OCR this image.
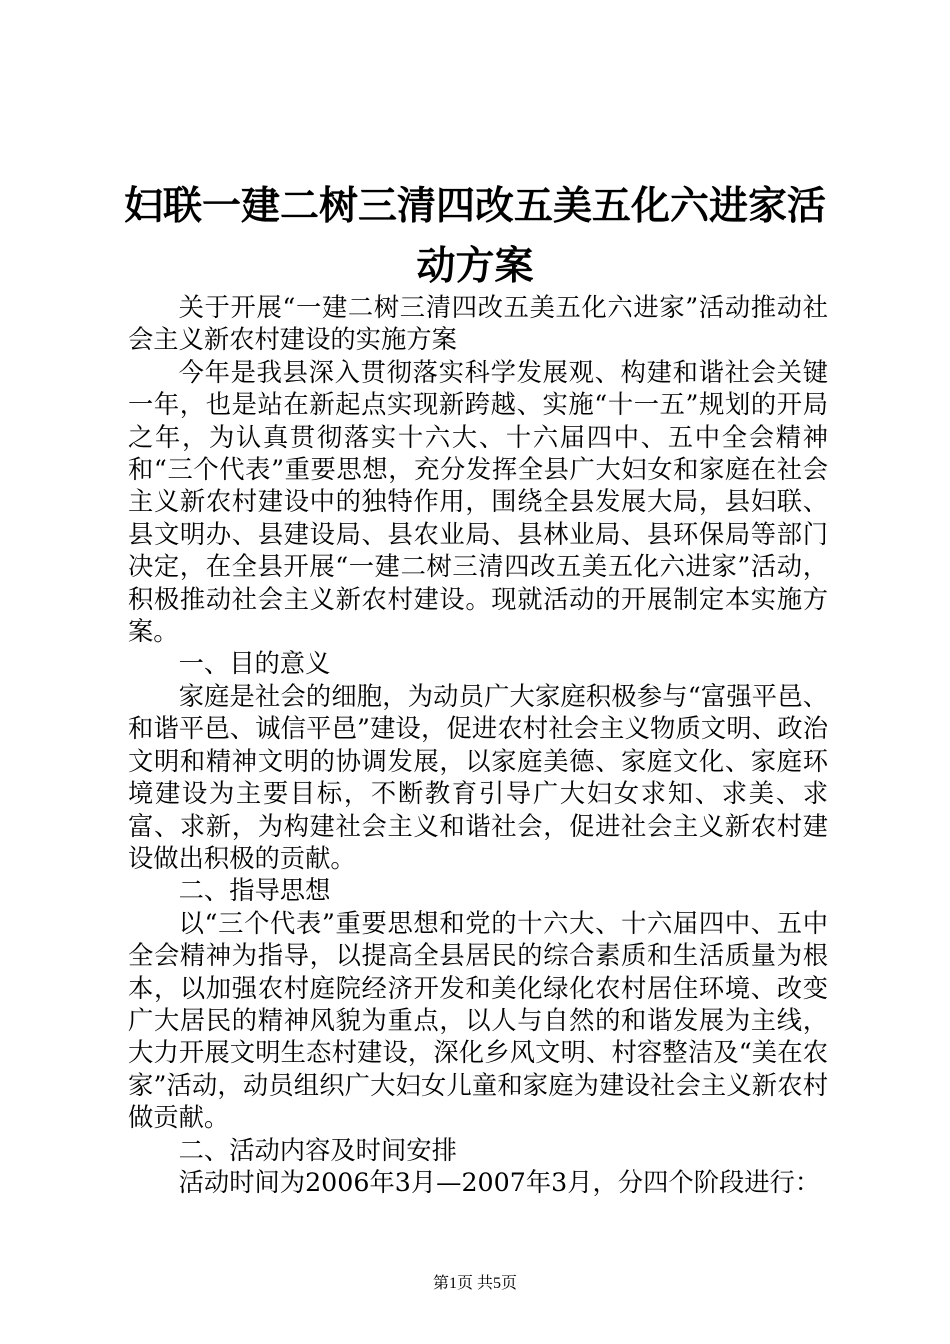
妇联一建二树三清四改五美五化六进家活动方案

关于开展“一建二树三清四改五美五化六进家”活动推动社会主义新农村建设的实施方案

今年是我县深入贯彻落实科学发展观、构建和谐社会关键一年，也是站在新起点实现新跨越、实施“十一五”规划的开局之年，为认真贯彻落实十六大、十六届四中、五中全会精神和“三个代表”重要思想，充分发挥全县广大妇女和家庭在社会主义新农村建设中的独特作用，围绕全县发展大局，县妇联、县文明办、县建设局、县农业局、县林业局、县环保局等部门决定，在全县开展“一建二树三清四改五美五化六进家”活动，积极推动社会主义新农村建设。现就活动的开展制定本实施方案。

一、目的意义

家庭是社会的细胞，为动员广大家庭积极参与“富强平邑、和谐平邑、诚信平邑”建设，促进农村社会主义物质文明、政治文明和精神文明的协调发展，以家庭美德、家庭文化、家庭环境建设为主要目标，不断教育引导广大妇女求知、求美、求富、求新，为构建社会主义和谐社会，促进社会主义新农村建设做出积极的贡献。

二、指导思想

以“三个代表”重要思想和党的十六大、十六届四中、五中全会精神为指导，以提高全县居民的综合素质和生活质量为根本，以加强农村庭院经济开发和美化绿化农村居住环境、改变广大居民的精神风貌为重点，以人与自然的和谐发展为主线，大力开展文明生态村建设，深化乡风文明、村容整洁及“美在农家”活动，动员组织广大妇女儿童和家庭为建设社会主义新农村做贡献。

二、活动内容及时间安排

活动时间为2006年3月—2007年3月，分四个阶段进行：

第1页 共5页
